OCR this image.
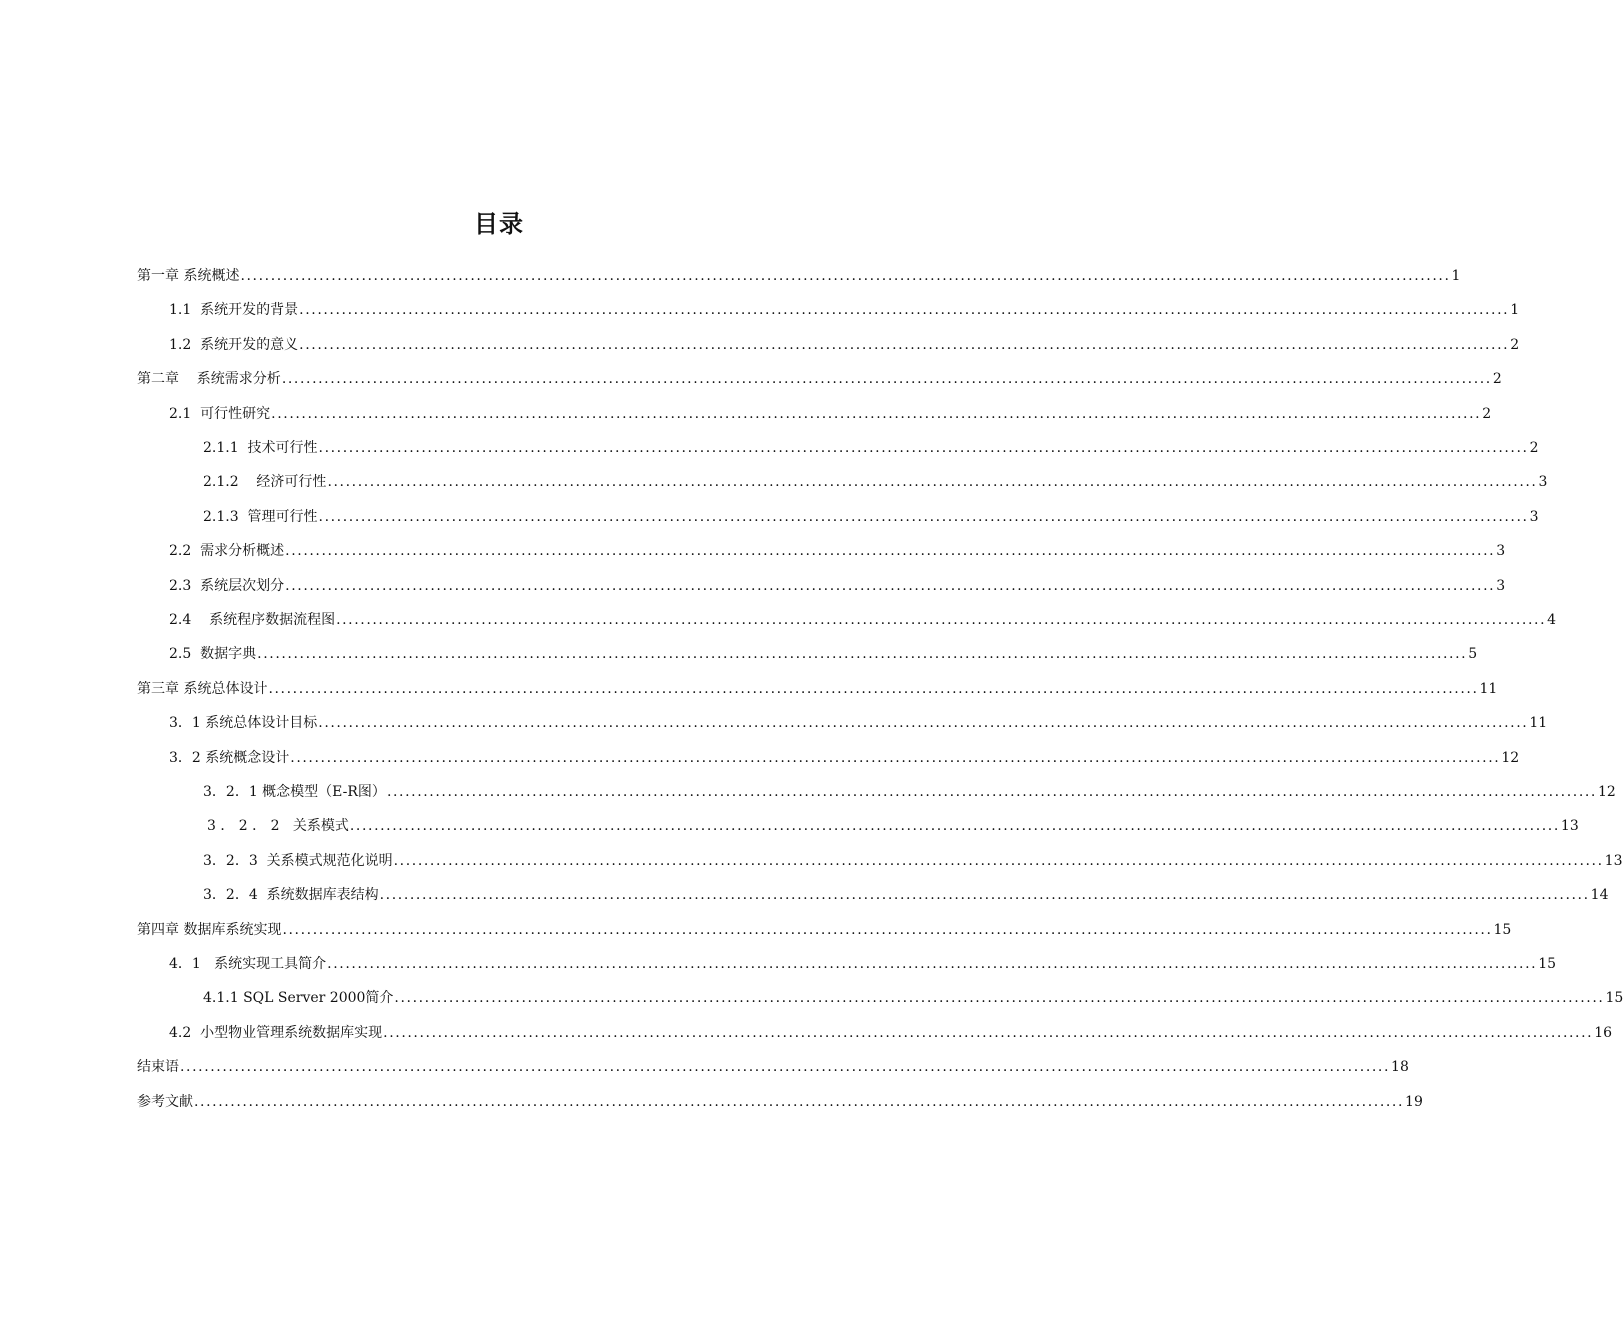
目录
第一章 系统概述 ........................................................................................................................................................................................................ 1
1.1  系统开发的背景 ........................................................................................................................................................................................................ 1
1.2  系统开发的意义 ........................................................................................................................................................................................................ 2
第二章    系统需求分析 ........................................................................................................................................................................................................ 2
2.1  可行性研究 ........................................................................................................................................................................................................ 2
2.1.1  技术可行性 ........................................................................................................................................................................................................ 2
2.1.2    经济可行性 ........................................................................................................................................................................................................ 3
2.1.3  管理可行性 ........................................................................................................................................................................................................ 3
2.2  需求分析概述 ........................................................................................................................................................................................................ 3
2.3  系统层次划分 ........................................................................................................................................................................................................ 3
2.4    系统程序数据流程图 ........................................................................................................................................................................................................ 4
2.5  数据字典 ........................................................................................................................................................................................................ 5
第三章 系统总体设计 ........................................................................................................................................................................................................ 11
3．1 系统总体设计目标 ........................................................................................................................................................................................................ 11
3．2 系统概念设计 ........................................................................................................................................................................................................ 12
3．2．1 概念模型（E-R图） ........................................................................................................................................................................................................ 12
3 ． 2 ． 2   关系模式 ........................................................................................................................................................................................................ 13
3．2．3  关系模式规范化说明 ........................................................................................................................................................................................................ 13
3．2．4  系统数据库表结构 ........................................................................................................................................................................................................ 14
第四章 数据库系统实现 ........................................................................................................................................................................................................ 15
4．1   系统实现工具简介 ........................................................................................................................................................................................................ 15
4.1.1 SQL Server 2000简介 ........................................................................................................................................................................................................ 15
4.2  小型物业管理系统数据库实现 ........................................................................................................................................................................................................ 16
结束语 ........................................................................................................................................................................................................ 18
参考文献 ........................................................................................................................................................................................................ 19
